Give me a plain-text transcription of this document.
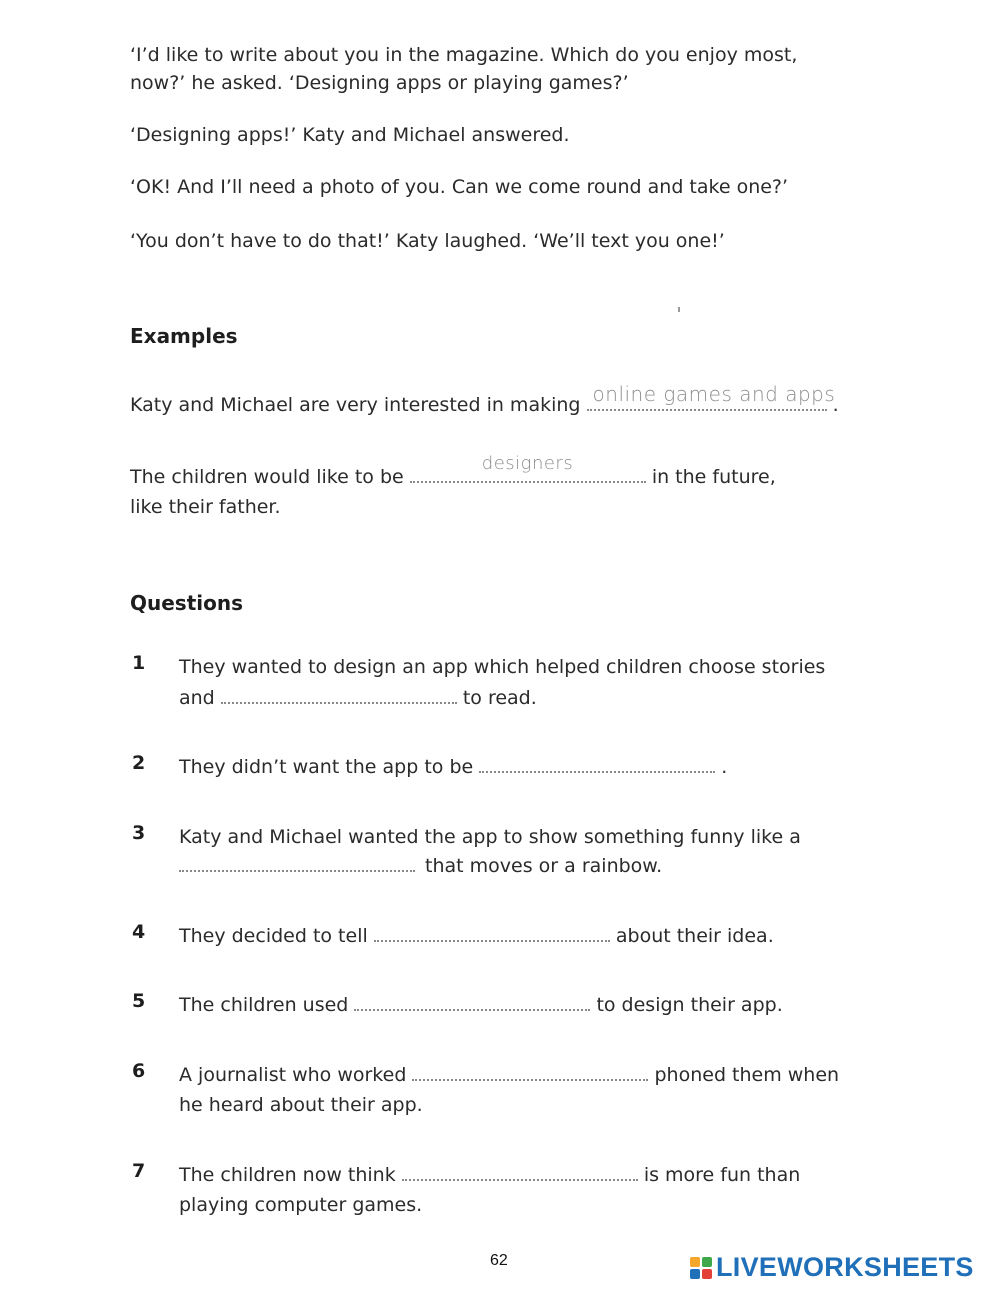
‘I’d like to write about you in the magazine. Which do you enjoy most,
now?’ he asked. ‘Designing apps or playing games?’
‘Designing apps!’ Katy and Michael answered.
‘OK! And I’ll need a photo of you. Can we come round and take one?’
‘You don’t have to do that!’ Katy laughed. ‘We’ll text you one!’
Examples
Katy and Michael are very interested in making online games and apps
.
The children would like to be
designers
in the future,
like their father.
Questions
1 They wanted to design an app which helped children choose stories
and	to read.
2 They didn’t want the app to be	.
3 Katy and Michael wanted the app to show something funny like a
that moves or a rainbow.
4 They decided to tell	about their idea.
5 The children used	to design their app.
6 A journalist who worked	phoned them when
he heard about their app.
7 The children now think	is more fun than
playing computer games.
62	LIVEWORKSHEETS
